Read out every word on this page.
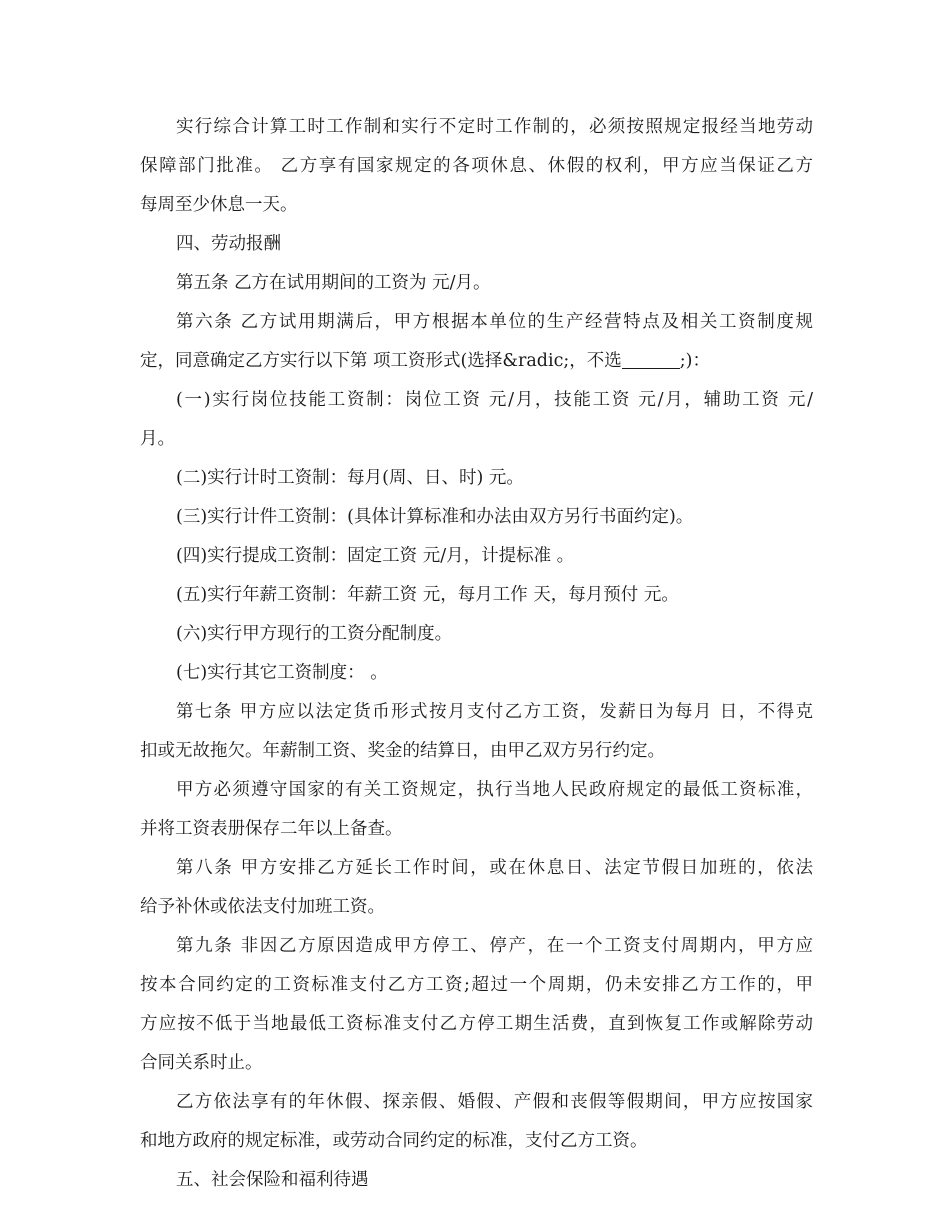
实行综合计算工时工作制和实行不定时工作制的，必须按照规定报经当地劳动
保障部门批准。 乙方享有国家规定的各项休息、休假的权利，甲方应当保证乙方
每周至少休息一天。
四、劳动报酬
第五条 乙方在试用期间的工资为 元/月。
第六条 乙方试用期满后，甲方根据本单位的生产经营特点及相关工资制度规
定，同意确定乙方实行以下第 项工资形式(选择&radic;，不选	;)：
(一)实行岗位技能工资制：岗位工资 元/月，技能工资 元/月，辅助工资 元/
月。
(二)实行计时工资制：每月(周、日、时) 元。
(三)实行计件工资制：(具体计算标准和办法由双方另行书面约定)。
(四)实行提成工资制：固定工资 元/月，计提标准 。
(五)实行年薪工资制：年薪工资 元，每月工作 天，每月预付 元。
(六)实行甲方现行的工资分配制度。
(七)实行其它工资制度： 。
第七条 甲方应以法定货币形式按月支付乙方工资，发薪日为每月 日，不得克
扣或无故拖欠。年薪制工资、奖金的结算日，由甲乙双方另行约定。
甲方必须遵守国家的有关工资规定，执行当地人民政府规定的最低工资标准，
并将工资表册保存二年以上备查。
第八条 甲方安排乙方延长工作时间，或在休息日、法定节假日加班的，依法
给予补休或依法支付加班工资。
第九条 非因乙方原因造成甲方停工、停产，在一个工资支付周期内，甲方应
按本合同约定的工资标准支付乙方工资;超过一个周期，仍未安排乙方工作的，甲
方应按不低于当地最低工资标准支付乙方停工期生活费，直到恢复工作或解除劳动
合同关系时止。
乙方依法享有的年休假、探亲假、婚假、产假和丧假等假期间，甲方应按国家
和地方政府的规定标准，或劳动合同约定的标准，支付乙方工资。
五、社会保险和福利待遇
